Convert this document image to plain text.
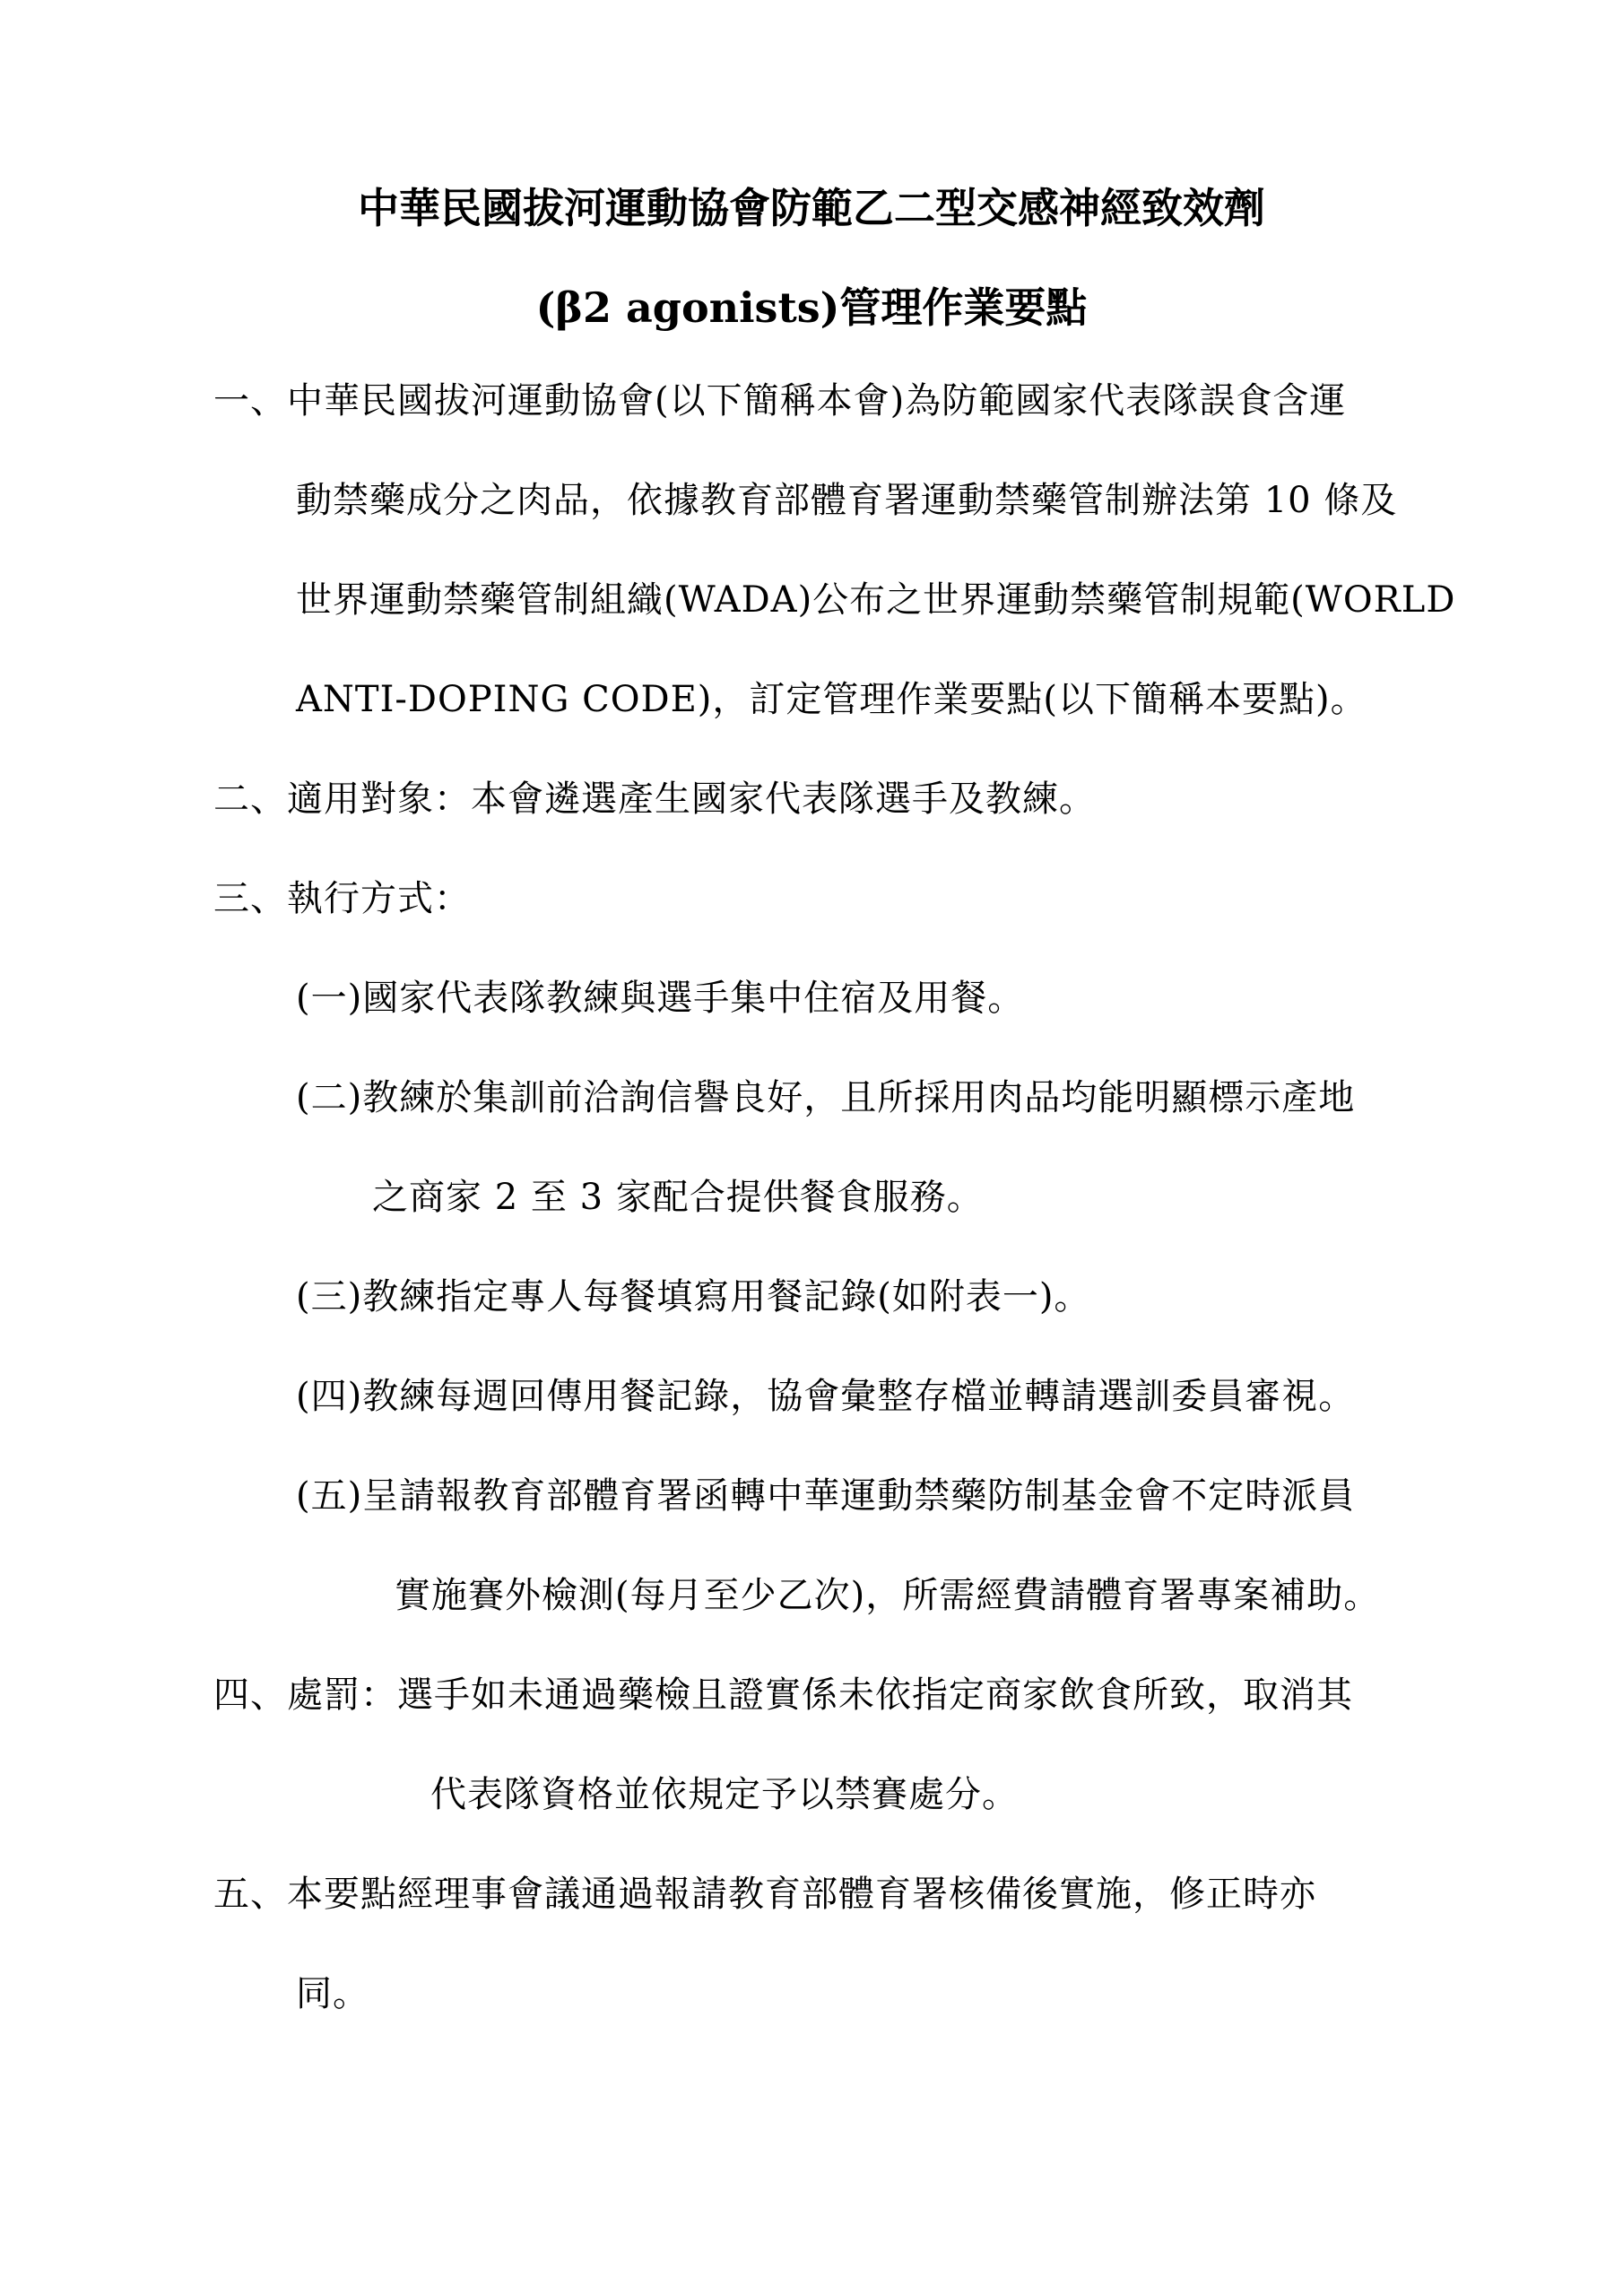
中華民國拔河運動協會防範乙二型交感神經致效劑
(β2 agonists)管理作業要點
一、中華民國拔河運動協會(以下簡稱本會)為防範國家代表隊誤食含運
動禁藥成分之肉品，依據教育部體育署運動禁藥管制辦法第 10 條及
世界運動禁藥管制組織(WADA)公布之世界運動禁藥管制規範(WORLD
ANTI-DOPING CODE)，訂定管理作業要點(以下簡稱本要點)。
二、適用對象：本會遴選產生國家代表隊選手及教練。
三、執行方式：
(一)國家代表隊教練與選手集中住宿及用餐。
(二)教練於集訓前洽詢信譽良好，且所採用肉品均能明顯標示產地
之商家 2 至 3 家配合提供餐食服務。
(三)教練指定專人每餐填寫用餐記錄(如附表一)。
(四)教練每週回傳用餐記錄，協會彙整存檔並轉請選訓委員審視。
(五)呈請報教育部體育署函轉中華運動禁藥防制基金會不定時派員
實施賽外檢測(每月至少乙次)，所需經費請體育署專案補助。
四、處罰：選手如未通過藥檢且證實係未依指定商家飲食所致，取消其
代表隊資格並依規定予以禁賽處分。
五、本要點經理事會議通過報請教育部體育署核備後實施，修正時亦
同。
